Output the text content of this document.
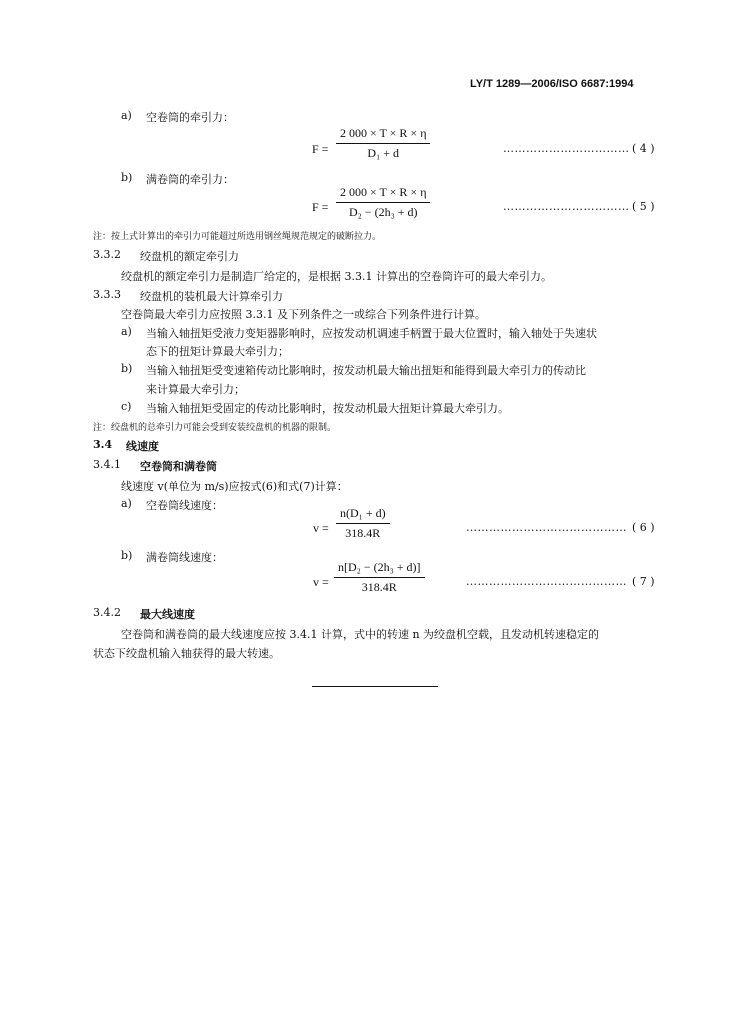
LY/T 1289—2006/ISO 6687:1994
a) 空卷筒的牵引力：
F =
2 000 × T × R × η
D₁ + d	…………………………… ( 4 )
b) 满卷筒的牵引力：
F =
2 000 × T × R × η
D₂ − (2h₃ + d)	…………………………… ( 5 )
注：按上式计算出的牵引力可能超过所选用钢丝绳规范规定的破断拉力。
3.3.2 绞盘机的额定牵引力
绞盘机的额定牵引力是制造厂给定的，是根据 3.3.1 计算出的空卷筒许可的最大牵引力。
3.3.3 绞盘机的装机最大计算牵引力
空卷筒最大牵引力应按照 3.3.1 及下列条件之一或综合下列条件进行计算。
a) 当输入轴扭矩受液力变矩器影响时，应按发动机调速手柄置于最大位置时，输入轴处于失速状
态下的扭矩计算最大牵引力；
b) 当输入轴扭矩受变速箱传动比影响时，按发动机最大输出扭矩和能得到最大牵引力的传动比
来计算最大牵引力；
c) 当输入轴扭矩受固定的传动比影响时，按发动机最大扭矩计算最大牵引力。
注：绞盘机的总牵引力可能会受到安装绞盘机的机器的限制。
3.4 线速度
3.4.1 空卷筒和满卷筒
线速度 v(单位为 m/s)应按式(6)和式(7)计算：
a) 空卷筒线速度：
v =
n(D₁ + d)
318.4R	…………………………………… ( 6 )
b) 满卷筒线速度：
v =
n[D₂ − (2h₃ + d)]
318.4R	…………………………………… ( 7 )
3.4.2 最大线速度
空卷筒和满卷筒的最大线速度应按 3.4.1 计算，式中的转速 n 为绞盘机空载，且发动机转速稳定的
状态下绞盘机输入轴获得的最大转速。
